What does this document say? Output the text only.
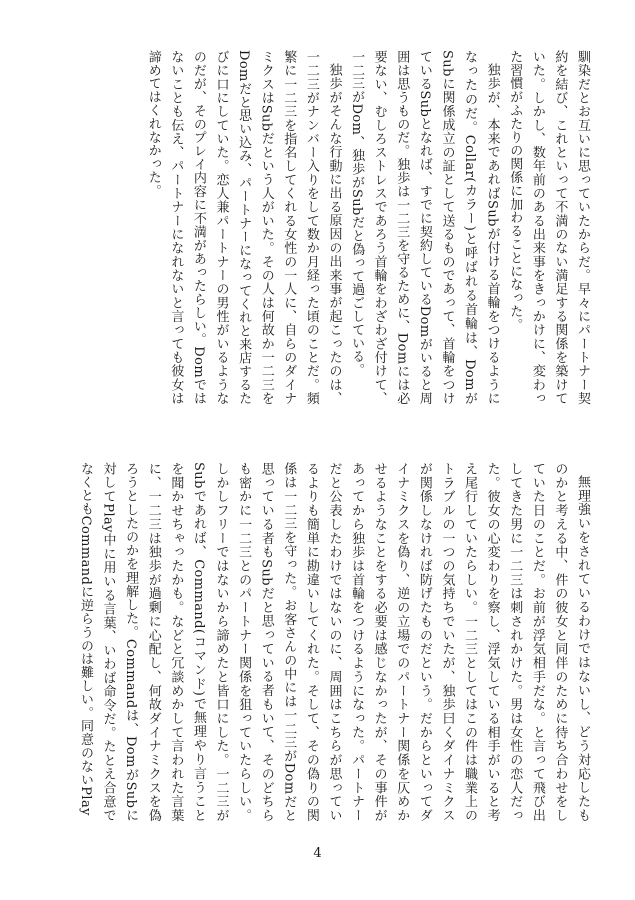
馴染だとお互いに思っていたからだ。早々にパートナー契約を結び、これといって不満のない満足する関係を築けていた。しかし、数年前のある出来事をきっかけに、変わった習慣がふたりの関係に加わることになった。

独歩が、本来であればSubが付ける首輪をつけるようになったのだ。Collar(カラー)と呼ばれる首輪は、DomがSubに関係成立の証として送るものであって、首輪をつけているSubとなれば、すでに契約しているDomがいると周囲は思うものだ。独歩は一二三を守るために、Domには必要ない、むしろストレスであろう首輪をわざわざ付けて、一二三がDom、独歩がSubだと偽って過ごしている。

独歩がそんな行動に出る原因の出来事が起こったのは、一二三がナンバー入りをして数か月経った頃のことだ。頻繁に一二三を指名してくれる女性の一人に、自らのダイナミクスはSubだという人がいた。その人は何故か一二三をDomだと思い込み、パートナーになってくれと来店するたびに口にしていた。恋人兼パートナーの男性がいるようなのだが、そのプレイ内容に不満があったらしい。Domではないことも伝え、パートナーになれないと言っても彼女は諦めてはくれなかった。

無理強いをされているわけではないし、どう対応したものかと考える中、件の彼女と同伴のために待ち合わせをしていた日のことだ。お前が浮気相手だな。と言って飛び出してきた男に一二三は刺されかけた。男は女性の恋人だった。彼女の心変わりを察し、浮気している相手がいると考え尾行していたらしい。一二三としてはこの件は職業上のトラブルの一つの気持ちでいたが、独歩曰くダイナミクスが関係しなければ防げたものだという。だからといってダイナミクスを偽り、逆の立場でのパートナー関係を仄めかせるようなことをする必要は感じなかったが、その事件があってから独歩は首輪をつけるようになった。パートナーだと公表したわけではないのに、周囲はこちらが思っているよりも簡単に勘違いしてくれた。そして、その偽りの関係は一二三を守った。お客さんの中には一二三がDomだと思っている者もSubだと思っている者もいて、そのどちらも密かに一二三とのパートナー関係を狙っていたらしい。しかしフリーではないから諦めたと皆口にした。一二三がSubであれば、Command(コマンド)で無理やり言うことを聞かせちゃったかも。などと冗談めかして言われた言葉に、一二三は独歩が過剰に心配し、何故ダイナミクスを偽ろうとしたのかを理解した。Commandは、DomがSubに対してPlay中に用いる言葉、いわば命令だ。たとえ合意でなくともCommandに逆らうのは難しい。同意のないPlay

4
